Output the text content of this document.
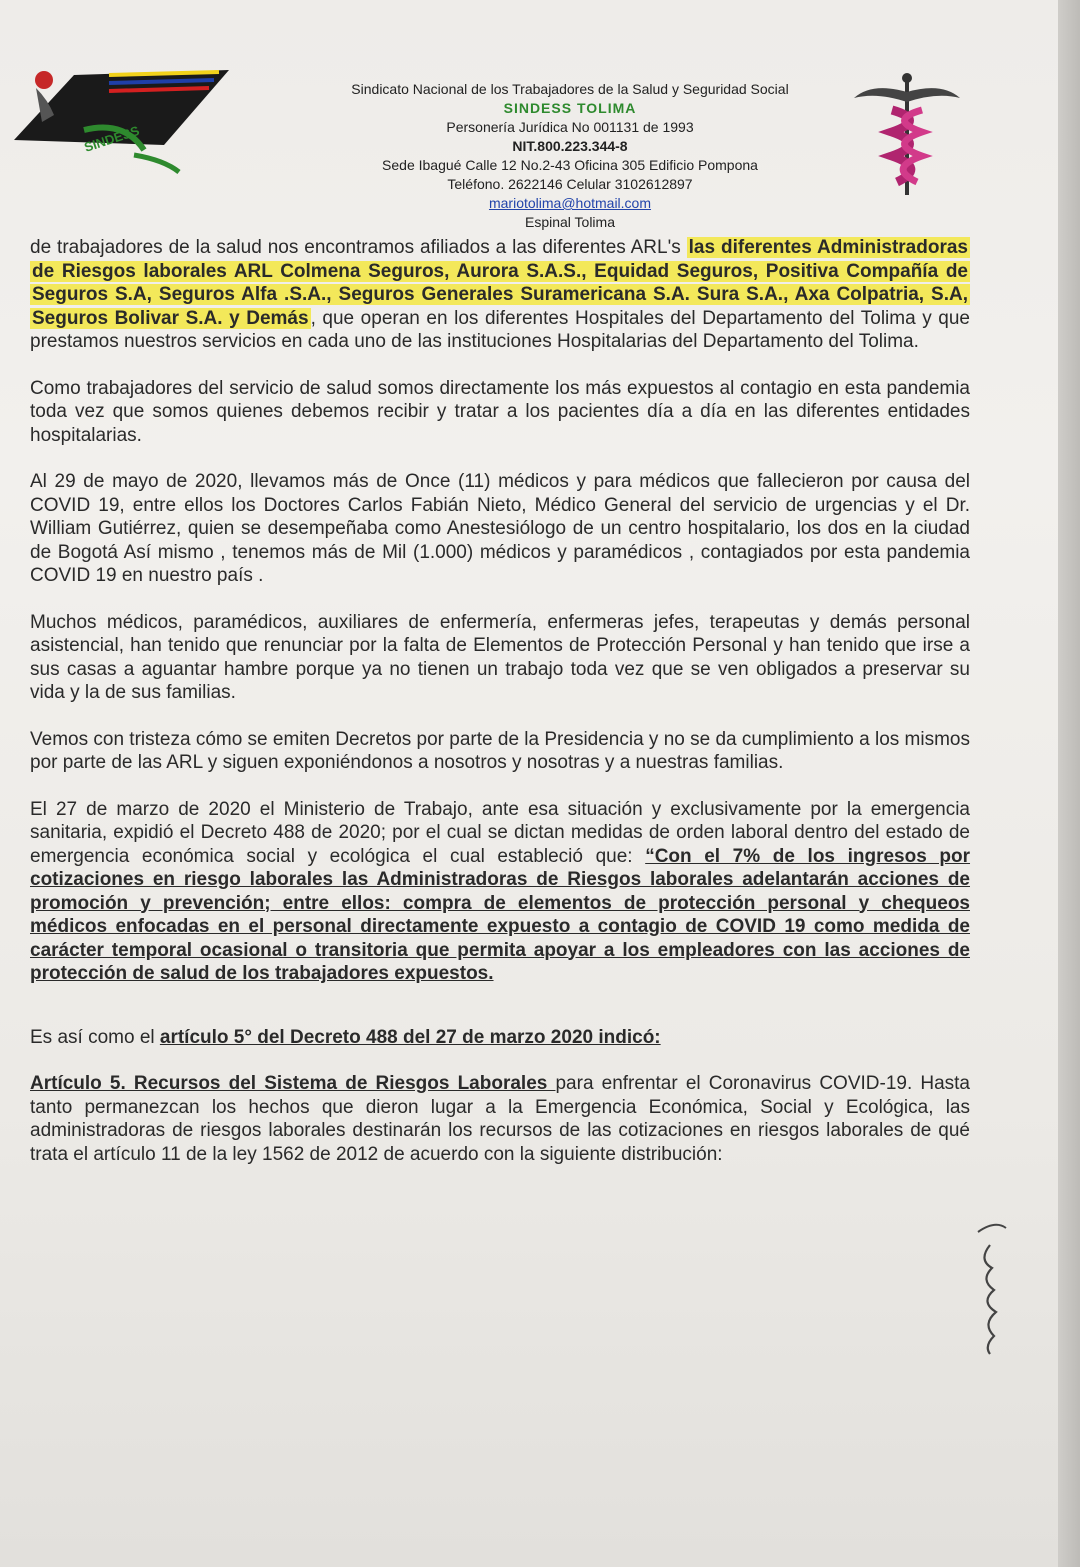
SINDESS
Sindicato Nacional de los Trabajadores de la Salud y Seguridad Social
SINDESS TOLIMA
Personería Jurídica No 001131 de 1993
NIT.800.223.344-8
Sede Ibagué Calle 12 No.2-43 Oficina 305 Edificio Pompona
Teléfono. 2622146 Celular 3102612897
mariotolima@hotmail.com
Espinal Tolima

de trabajadores de la salud nos encontramos afiliados a las diferentes ARL's las diferentes Administradoras de Riesgos laborales ARL Colmena Seguros, Aurora S.A.S., Equidad Seguros, Positiva Compañía de Seguros S.A, Seguros Alfa .S.A., Seguros Generales Suramericana S.A. Sura S.A., Axa Colpatria, S.A, Seguros Bolivar S.A. y Demás , que operan en los diferentes Hospitales del Departamento del Tolima y que prestamos nuestros servicios en cada uno de las instituciones Hospitalarias del Departamento del Tolima.

Como trabajadores del servicio de salud somos directamente los más expuestos al contagio en esta pandemia toda vez que somos quienes debemos recibir y tratar a los pacientes día a día en las diferentes entidades hospitalarias.

Al 29 de mayo de 2020, llevamos más de Once (11) médicos y para médicos que fallecieron por causa del COVID 19, entre ellos los Doctores Carlos Fabián Nieto, Médico General del servicio de urgencias y el Dr. William Gutiérrez, quien se desempeñaba como Anestesiólogo de un centro hospitalario, los dos en la ciudad de Bogotá Así mismo , tenemos más de Mil (1.000) médicos y paramédicos , contagiados por esta pandemia COVID 19 en nuestro país .

Muchos médicos, paramédicos, auxiliares de enfermería, enfermeras jefes, terapeutas y demás personal asistencial, han tenido que renunciar por la falta de Elementos de Protección Personal y han tenido que irse a sus casas a aguantar hambre porque ya no tienen un trabajo toda vez que se ven obligados a preservar su vida y la de sus familias.

Vemos con tristeza cómo se emiten Decretos por parte de la Presidencia y no se da cumplimiento a los mismos por parte de las ARL y siguen exponiéndonos a nosotros y nosotras y a nuestras familias.

El 27 de marzo de 2020 el Ministerio de Trabajo, ante esa situación y exclusivamente por la emergencia sanitaria, expidió el Decreto 488 de 2020; por el cual se dictan medidas de orden laboral dentro del estado de emergencia económica social y ecológica el cual estableció que: “Con el 7% de los ingresos por cotizaciones en riesgo laborales las Administradoras de Riesgos laborales adelantarán acciones de promoción y prevención; entre ellos: compra de elementos de protección personal y chequeos médicos enfocadas en el personal directamente expuesto a contagio de COVID 19 como medida de carácter temporal ocasional o transitoria que permita apoyar a los empleadores con las acciones de protección de salud de los trabajadores expuestos.

Es así como el artículo 5° del Decreto 488 del 27 de marzo 2020 indicó:

Artículo 5. Recursos del Sistema de Riesgos Laborales para enfrentar el Coronavirus COVID-19. Hasta tanto permanezcan los hechos que dieron lugar a la Emergencia Económica, Social y Ecológica, las administradoras de riesgos laborales destinarán los recursos de las cotizaciones en riesgos laborales de qué trata el artículo 11 de la ley 1562 de 2012 de acuerdo con la siguiente distribución:
